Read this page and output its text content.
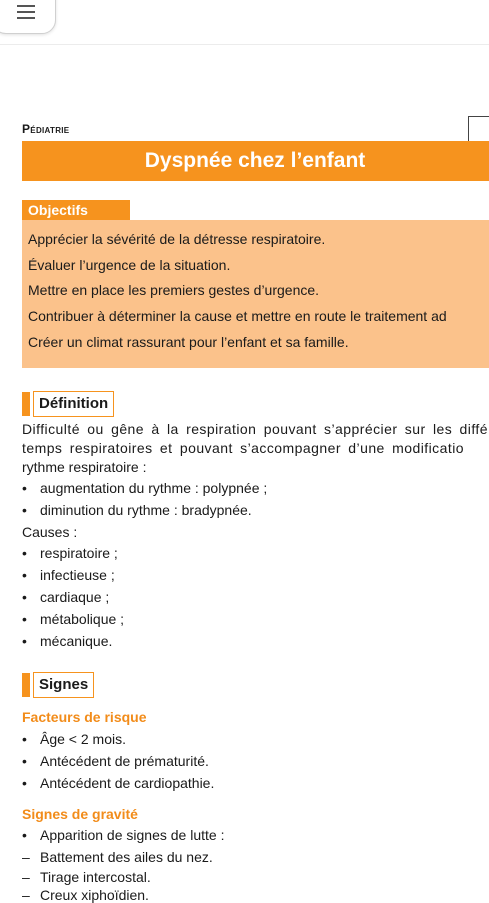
Pédiatrie
Dyspnée chez l’enfant
Objectifs
Apprécier la sévérité de la détresse respiratoire.
Évaluer l’urgence de la situation.
Mettre en place les premiers gestes d’urgence.
Contribuer à déterminer la cause et mettre en route le traitement ad
Créer un climat rassurant pour l’enfant et sa famille.
Définition
Difficulté ou gêne à la respiration pouvant s’apprécier sur les diffé
temps respiratoires et pouvant s’accompagner d’une modificatio
rythme respiratoire :
• augmentation du rythme : polypnée ;
• diminution du rythme : bradypnée.
Causes :
• respiratoire ;
• infectieuse ;
• cardiaque ;
• métabolique ;
• mécanique.
Signes
Facteurs de risque
• Âge < 2 mois.
• Antécédent de prématurité.
• Antécédent de cardiopathie.
Signes de gravité
• Apparition de signes de lutte :
– Battement des ailes du nez.
– Tirage intercostal.
– Creux xiphoïdien.
